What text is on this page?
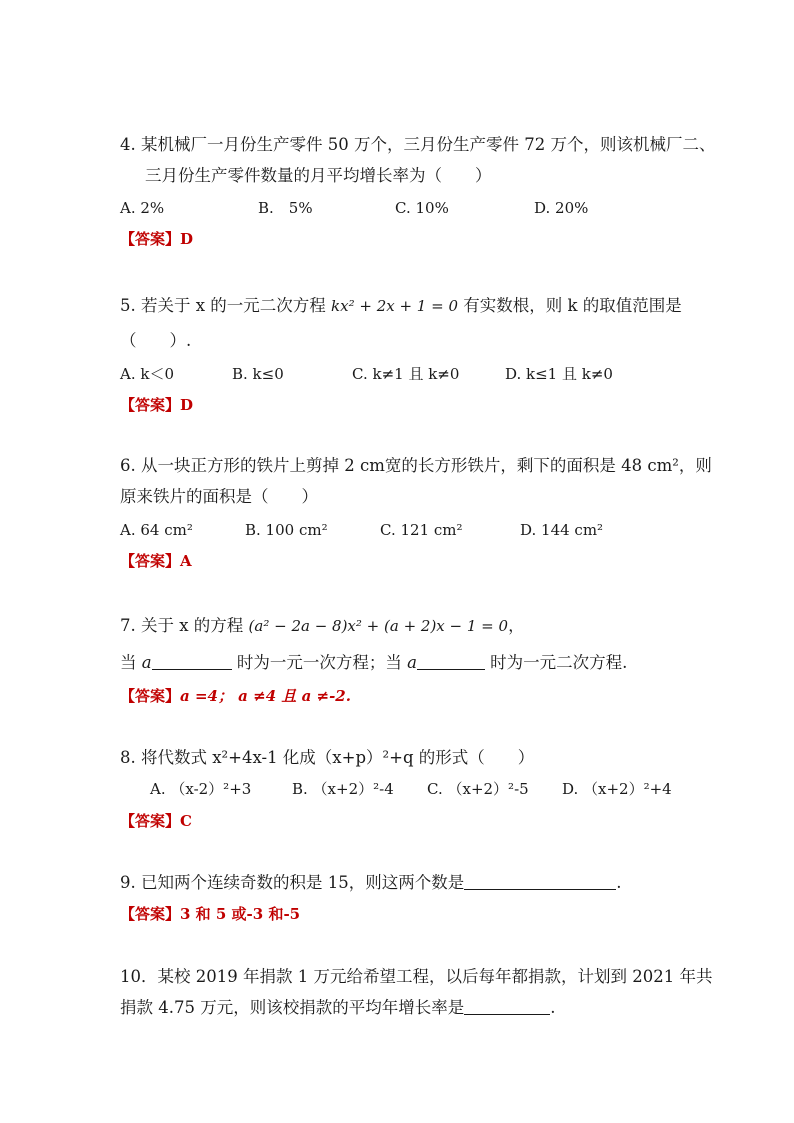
4. 某机械厂一月份生产零件 50 万个，三月份生产零件 72 万个，则该机械厂二、
三月份生产零件数量的月平均增长率为（　　）
A. 2%	B.　5%	C. 10%	D. 20%
【答案】D
5. 若关于 x 的一元二次方程 kx² + 2x + 1 = 0 有实数根，则 k 的取值范围是
（　　）.
A. k＜0	B. k≤0	C. k≠1 且 k≠0	D. k≤1 且 k≠0
【答案】D
6. 从一块正方形的铁片上剪掉 2 cm宽的长方形铁片，剩下的面积是 48 cm²，则
原来铁片的面积是（　　）
A. 64 cm²	B. 100 cm²	C. 121 cm²	D. 144 cm²
【答案】A
7. 关于 x 的方程 (a² − 2a − 8)x² + (a + 2)x − 1 = 0，
当 a	时为一元一次方程；当 a	时为一元二次方程.
【答案】a =4； a ≠4 且 a ≠-2.
8. 将代数式 x²+4x-1 化成（x+p）²+q 的形式（　　）
A. （x-2）²+3	B. （x+2）²-4 C. （x+2）²-5 D. （x+2）²+4
【答案】C
9. 已知两个连续奇数的积是 15，则这两个数是	.
【答案】3 和 5 或-3 和-5
10．某校 2019 年捐款 1 万元给希望工程，以后每年都捐款，计划到 2021 年共
捐款 4.75 万元，则该校捐款的平均年增长率是	.
